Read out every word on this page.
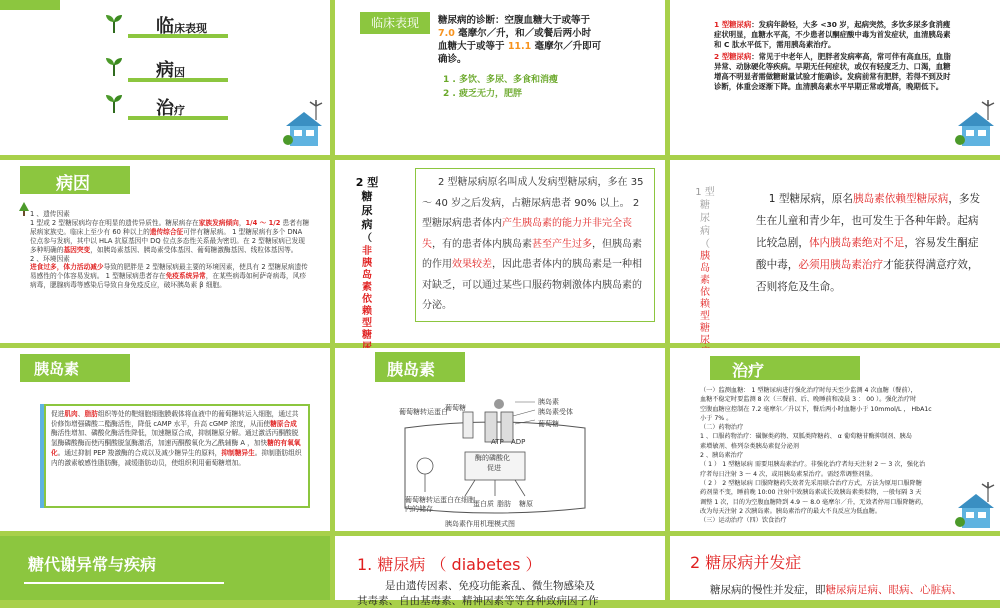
临床表现
病因
治疗
临床表现	糖尿病的诊断：空腹血糖大于或等于
7.0 毫摩尔／升，和／或餐后两小时
血糖大于或等于 11.1 毫摩尔／升即可
确诊。
1 . 多饮、多尿、多食和消瘦
2 . 疲乏无力，肥胖
1 型糖尿病：发病年龄轻，大多 <30 岁，起病突然，多饮多尿多食消瘦症状明显，血糖水平高，不少患者以酮症酸中毒为首发症状，血清胰岛素和 C 肽水平低下，需用胰岛素治疗。
2 型糖尿病：常见于中老年人，肥胖者发病率高，常可伴有高血压，血脂异常、动脉硬化等疾病。早期无任何症状，或仅有轻度乏力、口渴，血糖增高不明显者需做糖耐量试验才能确诊。发病前常有肥胖，若得不到及时诊断，体重会逐渐下降。血清胰岛素水平早期正常或增高，晚期低下。
病因
1 、遗传因素
1 型或 2 型糖尿病均存在明显的遗传异质性。糖尿病存在家族发病倾向，1/4 ～ 1/2 患者有糖尿病家族史。临床上至少有 60 种以上的遗传综合征可伴有糖尿病。 1 型糖尿病有多个 DNA 位点参与发病，其中以 HLA 抗原基因中 DQ 位点多态性关系最为密切。在 2 型糖尿病已发现多种明确的基因突变，如胰岛素基因、胰岛素受体基因、葡萄糖激酶基因、线粒体基因等。
2 、环境因素
进食过多，体力活动减少导致的肥胖是 2 型糖尿病最主要的环境因素，使具有 2 型糖尿病遗传易感性的个体容易发病。 1 型糖尿病患者存在免疫系统异常，在某些病毒如柯萨奇病毒，风疹病毒，腮腺病毒等感染后导致自身免疫反应，破坏胰岛素 β 细胞。
2 型
糖
尿
病
（
非胰岛素依赖型糖
2 型糖尿病原名叫成人发病型糖尿病，多在 35 ～ 40 岁之后发病，占糖尿病患者 90% 以上。 2 型糖尿病患者体内产生胰岛素的能力并非完全丧失，有的患者体内胰岛素甚至产生过多，但胰岛素的作用效果较差，因此患者体内的胰岛素是一种相对缺乏，可以通过某些口服药物刺激体内胰岛素的分泌。
1 型
糖
尿
病
（
胰岛素依赖型糖尿
1 型糖尿病，原名胰岛素依赖型糖尿病，多发生在儿童和青少年，也可发生于各种年龄。起病比较急剧，体内胰岛素绝对不足，容易发生酮症酸中毒，必须用胰岛素治疗才能获得满意疗效，否则将危及生命。
胰岛素
促进肌肉、脂肪组织等处的靶细胞细胞膜载体将血液中的葡萄糖转运入细胞，通过共价修饰增强磷酸二酯酶活性，降低 cAMP 水平，升高 cGMP 浓度，从而使糖原合成酶活性增加、磷酸化酶活性降低，加速糖原合成，抑制糖原分解。通过激活丙酮酸脱氢酶磷酸酶而使丙酮酸脱氢酶激活，加速丙酮酸氧化为乙酰辅酶 A ，加快糖的有氧氧化。通过抑制 PEP 羧激酶的合成以及减少糖异生的原料，抑制糖异生。抑制脂肪组织内的激素敏感性脂肪酶，减缓脂肪动员，使组织利用葡萄糖增加。
胰岛素
胰岛素
胰岛素受体
葡萄糖
葡萄糖转运蛋白
葡萄糖
ATP ADP
酶的磷酸化
促进
葡萄糖转运蛋白在细胞内的储存
蛋白质 脂肪 糖原
胰岛素作用机理模式图
治疗
（一）监测血糖： 1 型糖尿病进行强化治疗时每天至少监测 4 次血糖（餐前），
血糖不稳定时要监测 8 次（三餐前、后、晚睡前和凌晨 3 ： 00 ）。强化治疗时
空腹血糖应控制在 7.2 毫摩尔／升以下，餐后两小时血糖小于 10mmol/L ， HbA1c
小于 7% 。
（二）药物治疗
1 、口服药物治疗：磺脲类药物、双胍类降糖药、 α 葡萄糖苷酶抑制剂、胰岛
素增敏剂、格列奈类胰岛素促分泌剂
2 、胰岛素治疗
（ 1 ） 1 型糖尿病 需要用胰岛素治疗。非强化治疗者每天注射 2 ～ 3 次，强化治
疗者每日注射 3 ～ 4 次，或用胰岛素泵治疗。需经常调整剂量。
（ 2 ） 2 型糖尿病 口服降糖药失效者先采用联合治疗方式，方法为原用口服降糖
药剂量不变，睡前晚 10:00 注射中效胰岛素或长效胰岛素类似物，一般每隔 3 天
调整 1 次，目的为空腹血糖降到 4.9 ～ 8.0 毫摩尔／升，无效者停用口服降糖药，
改为每天注射 2 次胰岛素。胰岛素治疗的最大不良反应为低血糖。
（三）运动治疗（四）饮食治疗
糖代谢异常与疾病	1. 糖尿病 （ diabetes ）
是由遗传因素、免疫功能紊乱、微生物感染及
其毒素、自由基毒素、精神因素等等各种致病因子作
2 糖尿病并发症
糖尿病的慢性并发症，即糖尿病足病、眼病、心脏病、
